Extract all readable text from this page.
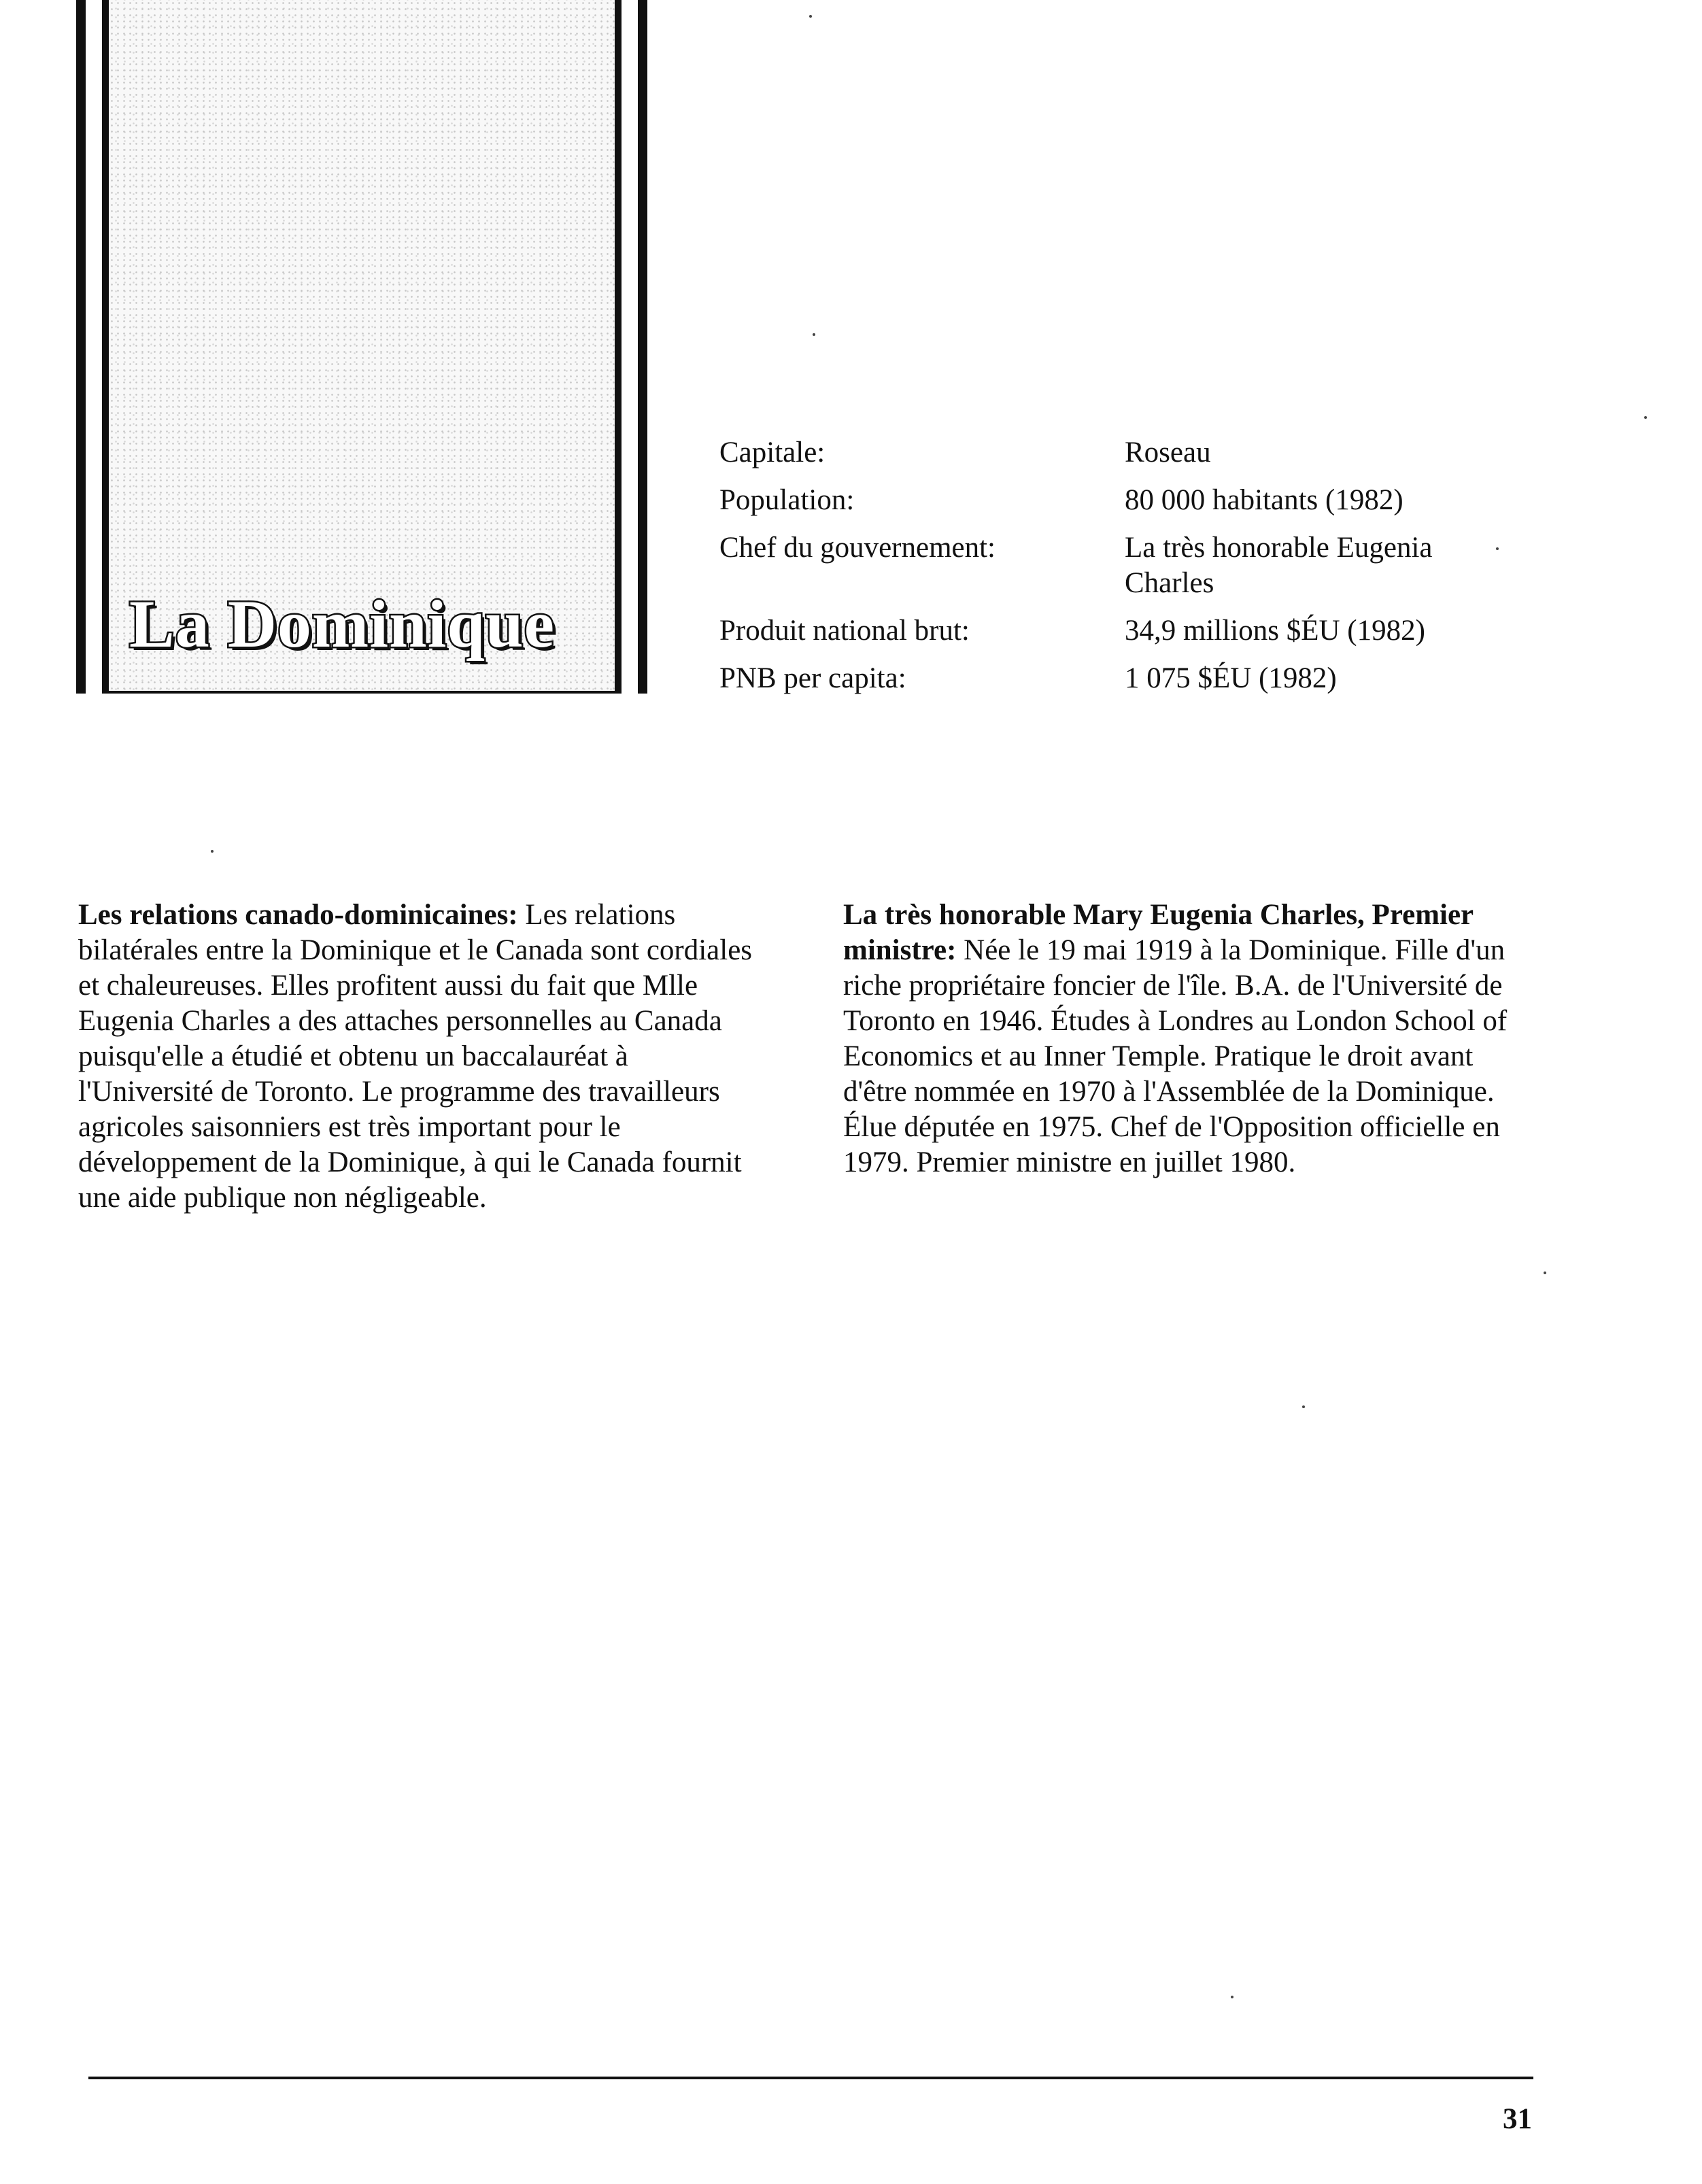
La Dominique
Capitale:	Roseau
Population:	80 000 habitants (1982)
Chef du gouvernement:	La très honorable Eugenia Charles
Produit national brut:	34,9 millions $ÉU (1982)
PNB per capita:	1 075 $ÉU (1982)
Les relations canado-dominicaines: Les relations bilatérales entre la Dominique et le Canada sont cordiales et chaleureuses. Elles profitent aussi du fait que Mlle Eugenia Charles a des attaches personnelles au Canada puisqu'elle a étudié et obtenu un baccalauréat à l'Université de Toronto. Le programme des travailleurs agricoles saisonniers est très important pour le développement de la Dominique, à qui le Canada fournit une aide publique non négligeable.
La très honorable Mary Eugenia Charles, Premier ministre: Née le 19 mai 1919 à la Dominique. Fille d'un riche propriétaire foncier de l'île. B.A. de l'Université de Toronto en 1946. Études à Londres au London School of Economics et au Inner Temple. Pratique le droit avant d'être nommée en 1970 à l'Assemblée de la Dominique. Élue députée en 1975. Chef de l'Opposition officielle en 1979. Premier ministre en juillet 1980.
31
